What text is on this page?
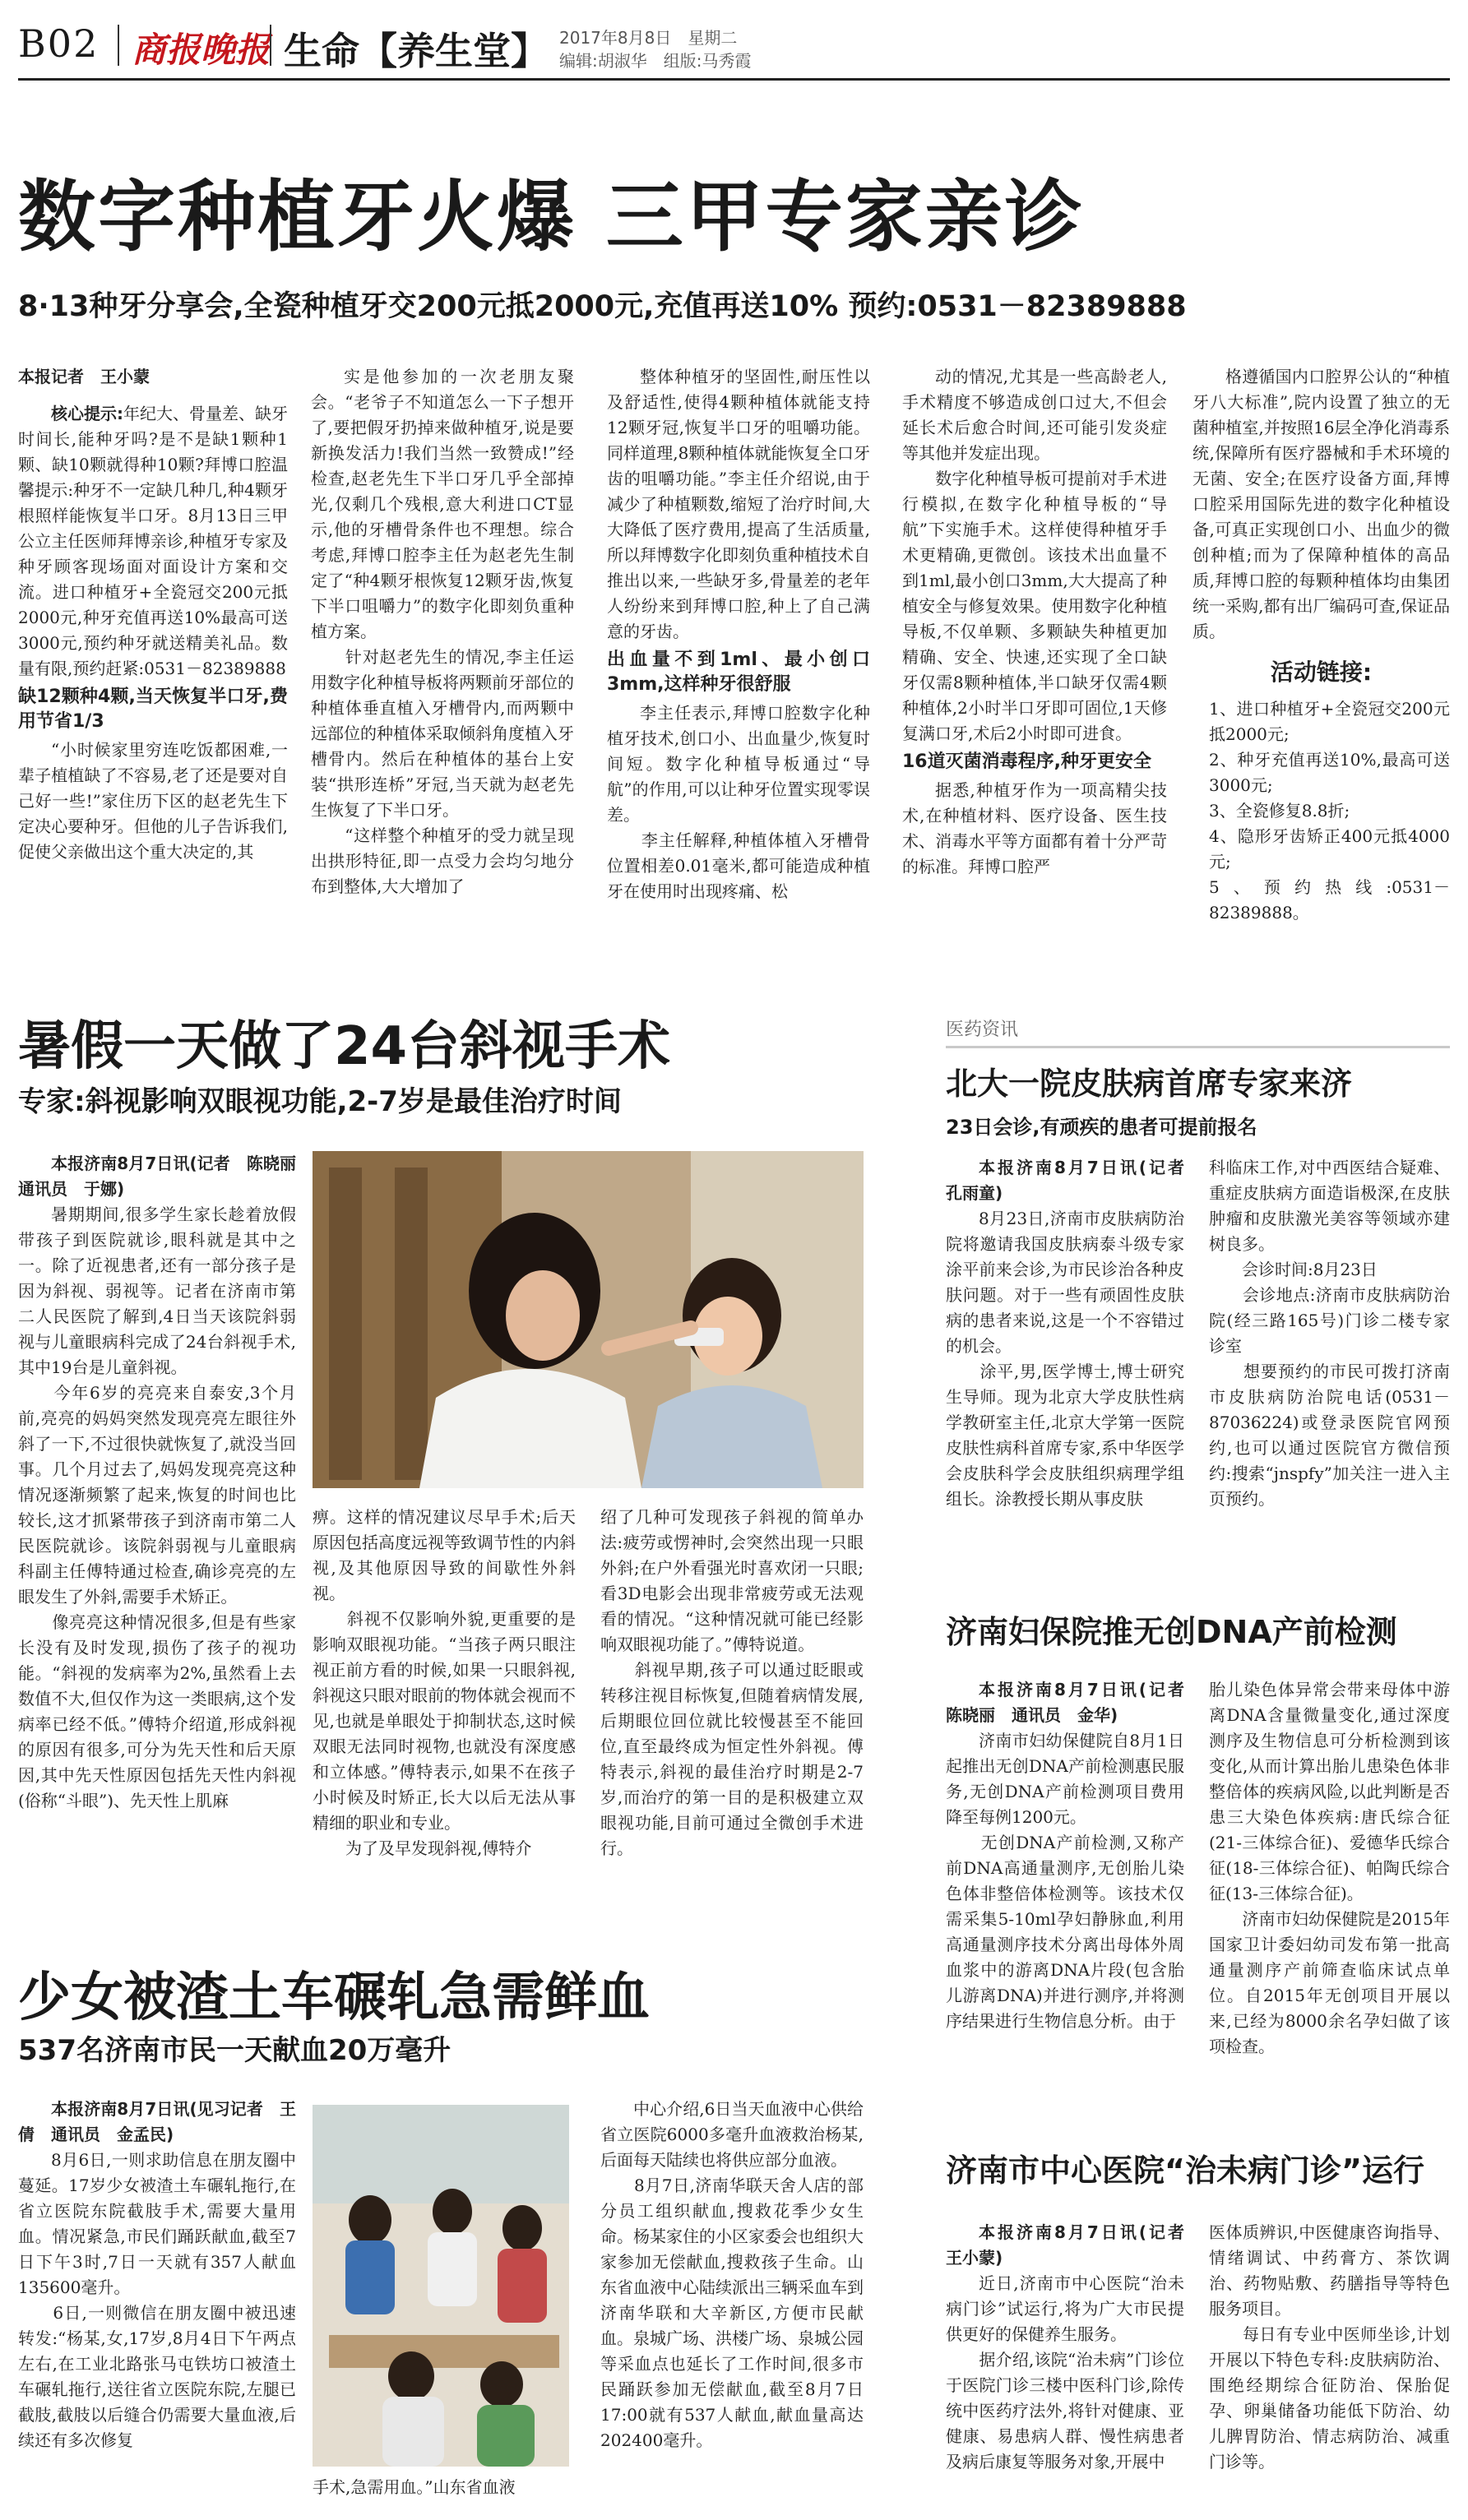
B02 商报晚报 生命【养生堂】 2017年8月8日　星期二
编辑:胡淑华　组版:马秀霞
数字种植牙火爆 三甲专家亲诊
8·13种牙分享会,全瓷种植牙交200元抵2000元,充值再送10% 预约:0531－82389888
本报记者　王小蒙
核心提示:年纪大、骨量差、缺牙时间长,能种牙吗?是不是缺1颗种1颗、缺10颗就得种10颗?拜博口腔温馨提示:种牙不一定缺几种几,种4颗牙根照样能恢复半口牙。8月13日三甲公立主任医师拜博亲诊,种植牙专家及种牙顾客现场面对面设计方案和交流。进口种植牙+全瓷冠交200元抵2000元,种牙充值再送10%最高可送3000元,预约种牙就送精美礼品。数量有限,预约赶紧:0531－82389888
缺12颗种4颗,当天恢复半口牙,费用节省1/3
“小时候家里穷连吃饭都困难,一辈子植植缺了不容易,老了还是要对自己好一些!”家住历下区的赵老先生下定决心要种牙。但他的儿子告诉我们,促使父亲做出这个重大决定的,其
实是他参加的一次老朋友聚会。“老爷子不知道怎么一下子想开了,要把假牙扔掉来做种植牙,说是要新换发活力!我们当然一致赞成!”经检查,赵老先生下半口牙几乎全部掉光,仅剩几个残根,意大利进口CT显示,他的牙槽骨条件也不理想。综合考虑,拜博口腔李主任为赵老先生制定了“种4颗牙根恢复12颗牙齿,恢复下半口咀嚼力”的数字化即刻负重种植方案。
　　针对赵老先生的情况,李主任运用数字化种植导板将两颗前牙部位的种植体垂直植入牙槽骨内,而两颗中远部位的种植体采取倾斜角度植入牙槽骨内。然后在种植体的基台上安装“拱形连桥”牙冠,当天就为赵老先生恢复了下半口牙。
　　“这样整个种植牙的受力就呈现出拱形特征,即一点受力会均匀地分布到整体,大大增加了
整体种植牙的坚固性,耐压性以及舒适性,使得4颗种植体就能支持12颗牙冠,恢复半口牙的咀嚼功能。同样道理,8颗种植体就能恢复全口牙齿的咀嚼功能。”李主任介绍说,由于减少了种植颗数,缩短了治疗时间,大大降低了医疗费用,提高了生活质量,所以拜博数字化即刻负重种植技术自推出以来,一些缺牙多,骨量差的老年人纷纷来到拜博口腔,种上了自己满意的牙齿。
出血量不到1ml、最小创口3mm,这样种牙很舒服
李主任表示,拜博口腔数字化种植牙技术,创口小、出血量少,恢复时间短。数字化种植导板通过“导航”的作用,可以让种牙位置实现零误差。
　　李主任解释,种植体植入牙槽骨位置相差0.01毫米,都可能造成种植牙在使用时出现疼痛、松
动的情况,尤其是一些高龄老人,手术精度不够造成创口过大,不但会延长术后愈合时间,还可能引发炎症等其他并发症出现。
　　数字化种植导板可提前对手术进行模拟,在数字化种植导板的“导航”下实施手术。这样使得种植牙手术更精确,更微创。该技术出血量不到1ml,最小创口3mm,大大提高了种植安全与修复效果。使用数字化种植导板,不仅单颗、多颗缺失种植更加精确、安全、快速,还实现了全口缺牙仅需8颗种植体,半口缺牙仅需4颗种植体,2小时半口牙即可固位,1天修复满口牙,术后2小时即可进食。
16道灭菌消毒程序,种牙更安全
据悉,种植牙作为一项高精尖技术,在种植材料、医疗设备、医生技术、消毒水平等方面都有着十分严苛的标准。拜博口腔严
格遵循国内口腔界公认的“种植牙八大标准”,院内设置了独立的无菌种植室,并按照16层全净化消毒系统,保障所有医疗器械和手术环境的无菌、安全;在医疗设备方面,拜博口腔采用国际先进的数字化种植设备,可真正实现创口小、出血少的微创种植;而为了保障种植体的高品质,拜博口腔的每颗种植体均由集团统一采购,都有出厂编码可查,保证品质。
活动链接:
1、进口种植牙+全瓷冠交200元抵2000元;
2、种牙充值再送10%,最高可送3000元;
3、全瓷修复8.8折;
4、隐形牙齿矫正400元抵4000元;
5、预约热线:0531－82389888。
暑假一天做了24台斜视手术
专家:斜视影响双眼视功能,2-7岁是最佳治疗时间
本报济南8月7日讯(记者　陈晓丽　通讯员　于娜)
暑期期间,很多学生家长趁着放假带孩子到医院就诊,眼科就是其中之一。除了近视患者,还有一部分孩子是因为斜视、弱视等。记者在济南市第二人民医院了解到,4日当天该院斜弱视与儿童眼病科完成了24台斜视手术,其中19台是儿童斜视。
　　今年6岁的亮亮来自泰安,3个月前,亮亮的妈妈突然发现亮亮左眼往外斜了一下,不过很快就恢复了,就没当回事。几个月过去了,妈妈发现亮亮这种情况逐渐频繁了起来,恢复的时间也比较长,这才抓紧带孩子到济南市第二人民医院就诊。该院斜弱视与儿童眼病科副主任傅特通过检查,确诊亮亮的左眼发生了外斜,需要手术矫正。
　　像亮亮这种情况很多,但是有些家长没有及时发现,损伤了孩子的视功能。“斜视的发病率为2%,虽然看上去数值不大,但仅作为这一类眼病,这个发病率已经不低。”傅特介绍道,形成斜视的原因有很多,可分为先天性和后天原因,其中先天性原因包括先天性内斜视(俗称“斗眼”)、先天性上肌麻
痹。这样的情况建议尽早手术;后天原因包括高度远视等致调节性的内斜视,及其他原因导致的间歇性外斜视。
　　斜视不仅影响外貌,更重要的是影响双眼视功能。“当孩子两只眼注视正前方看的时候,如果一只眼斜视,斜视这只眼对眼前的物体就会视而不见,也就是单眼处于抑制状态,这时候双眼无法同时视物,也就没有深度感和立体感。”傅特表示,如果不在孩子小时候及时矫正,长大以后无法从事精细的职业和专业。
　　为了及早发现斜视,傅特介
绍了几种可发现孩子斜视的简单办法:疲劳或愣神时,会突然出现一只眼外斜;在户外看强光时喜欢闭一只眼;看3D电影会出现非常疲劳或无法观看的情况。“这种情况就可能已经影响双眼视功能了。”傅特说道。
　　斜视早期,孩子可以通过眨眼或转移注视目标恢复,但随着病情发展,后期眼位回位就比较慢甚至不能回位,直至最终成为恒定性外斜视。傅特表示,斜视的最佳治疗时期是2-7岁,而治疗的第一目的是积极建立双眼视功能,目前可通过全微创手术进行。
少女被渣土车碾轧急需鲜血
537名济南市民一天献血20万毫升
本报济南8月7日讯(见习记者　王倩　通讯员　金孟民)
8月6日,一则求助信息在朋友圈中蔓延。17岁少女被渣土车碾轧拖行,在省立医院东院截肢手术,需要大量用血。情况紧急,市民们踊跃献血,截至7日下午3时,7日一天就有357人献血135600毫升。
　　6日,一则微信在朋友圈中被迅速转发:“杨某,女,17岁,8月4日下午两点左右,在工业北路张马屯铁坊口被渣土车碾轧拖行,送往省立医院东院,左腿已截肢,截肢以后缝合仍需要大量血液,后续还有多次修复
手术,急需用血。”山东省血液
中心介绍,6日当天血液中心供给省立医院6000多毫升血液救治杨某,后面每天陆续也将供应部分血液。
　　8月7日,济南华联天舍人店的部分员工组织献血,搜救花季少女生命。杨某家住的小区家委会也组织大家参加无偿献血,搜救孩子生命。山东省血液中心陆续派出三辆采血车到济南华联和大辛新区,方便市民献血。泉城广场、洪楼广场、泉城公园等采血点也延长了工作时间,很多市民踊跃参加无偿献血,截至8月7日17:00就有537人献血,献血量高达202400毫升。
医药资讯
北大一院皮肤病首席专家来济
23日会诊,有顽疾的患者可提前报名
本报济南8月7日讯(记者　孔雨童)
8月23日,济南市皮肤病防治院将邀请我国皮肤病泰斗级专家涂平前来会诊,为市民诊治各种皮肤问题。对于一些有顽固性皮肤病的患者来说,这是一个不容错过的机会。
　　涂平,男,医学博士,博士研究生导师。现为北京大学皮肤性病学教研室主任,北京大学第一医院皮肤性病科首席专家,系中华医学会皮肤科学会皮肤组织病理学组组长。涂教授长期从事皮肤
科临床工作,对中西医结合疑难、重症皮肤病方面造诣极深,在皮肤肿瘤和皮肤激光美容等领域亦建树良多。
　　会诊时间:8月23日
　　会诊地点:济南市皮肤病防治院(经三路165号)门诊二楼专家诊室
　　想要预约的市民可拨打济南市皮肤病防治院电话(0531－87036224)或登录医院官网预约,也可以通过医院官方微信预约:搜索“jnspfy”加关注一进入主页预约。
济南妇保院推无创DNA产前检测
本报济南8月7日讯(记者　陈晓丽　通讯员　金华)
济南市妇幼保健院自8月1日起推出无创DNA产前检测惠民服务,无创DNA产前检测项目费用降至每例1200元。
　　无创DNA产前检测,又称产前DNA高通量测序,无创胎儿染色体非整倍体检测等。该技术仅需采集5-10ml孕妇静脉血,利用高通量测序技术分离出母体外周血浆中的游离DNA片段(包含胎儿游离DNA)并进行测序,并将测序结果进行生物信息分析。由于
胎儿染色体异常会带来母体中游离DNA含量微量变化,通过深度测序及生物信息可分析检测到该变化,从而计算出胎儿患染色体非整倍体的疾病风险,以此判断是否患三大染色体疾病:唐氏综合征(21-三体综合征)、爱德华氏综合征(18-三体综合征)、帕陶氏综合征(13-三体综合征)。
　　济南市妇幼保健院是2015年国家卫计委妇幼司发布第一批高通量测序产前筛查临床试点单位。自2015年无创项目开展以来,已经为8000余名孕妇做了该项检查。
济南市中心医院“治未病门诊”运行
本报济南8月7日讯(记者　王小蒙)
近日,济南市中心医院“治未病门诊”试运行,将为广大市民提供更好的保健养生服务。
　　据介绍,该院“治未病”门诊位于医院门诊三楼中医科门诊,除传统中医药疗法外,将针对健康、亚健康、易患病人群、慢性病患者及病后康复等服务对象,开展中
医体质辨识,中医健康咨询指导、情绪调试、中药膏方、茶饮调治、药物贴敷、药膳指导等特色服务项目。
　　每日有专业中医师坐诊,计划开展以下特色专科:皮肤病防治、围绝经期综合征防治、保胎促孕、卵巢储备功能低下防治、幼儿脾胃防治、情志病防治、减重门诊等。
